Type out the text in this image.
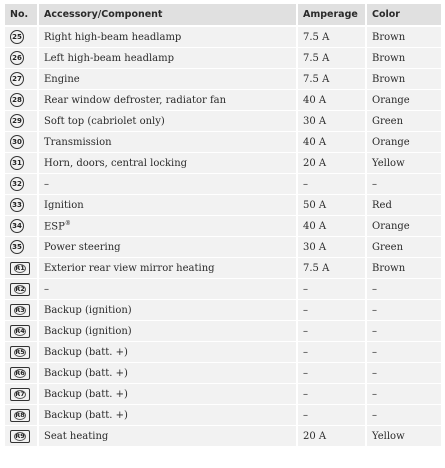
No.	Accessory/Component	Amperage	Color
25	Right high-beam headlamp	7.5 A	Brown
26	Left high-beam headlamp	7.5 A	Brown
27	Engine	7.5 A	Brown
28	Rear window defroster, radiator fan	40 A	Orange
29	Soft top (cabriolet only)	30 A	Green
30	Transmission	40 A	Orange
31	Horn, doors, central locking	20 A	Yellow
32	–	–	–
33	Ignition	50 A	Red
34	ESP®	40 A	Orange
35	Power steering	30 A	Green
R1	Exterior rear view mirror heating	7.5 A	Brown
R2	–	–	–
R3	Backup (ignition)	–	–
R4	Backup (ignition)	–	–
R5	Backup (batt. +)	–	–
R6	Backup (batt. +)	–	–
R7	Backup (batt. +)	–	–
R8	Backup (batt. +)	–	–
R9	Seat heating	20 A	Yellow
